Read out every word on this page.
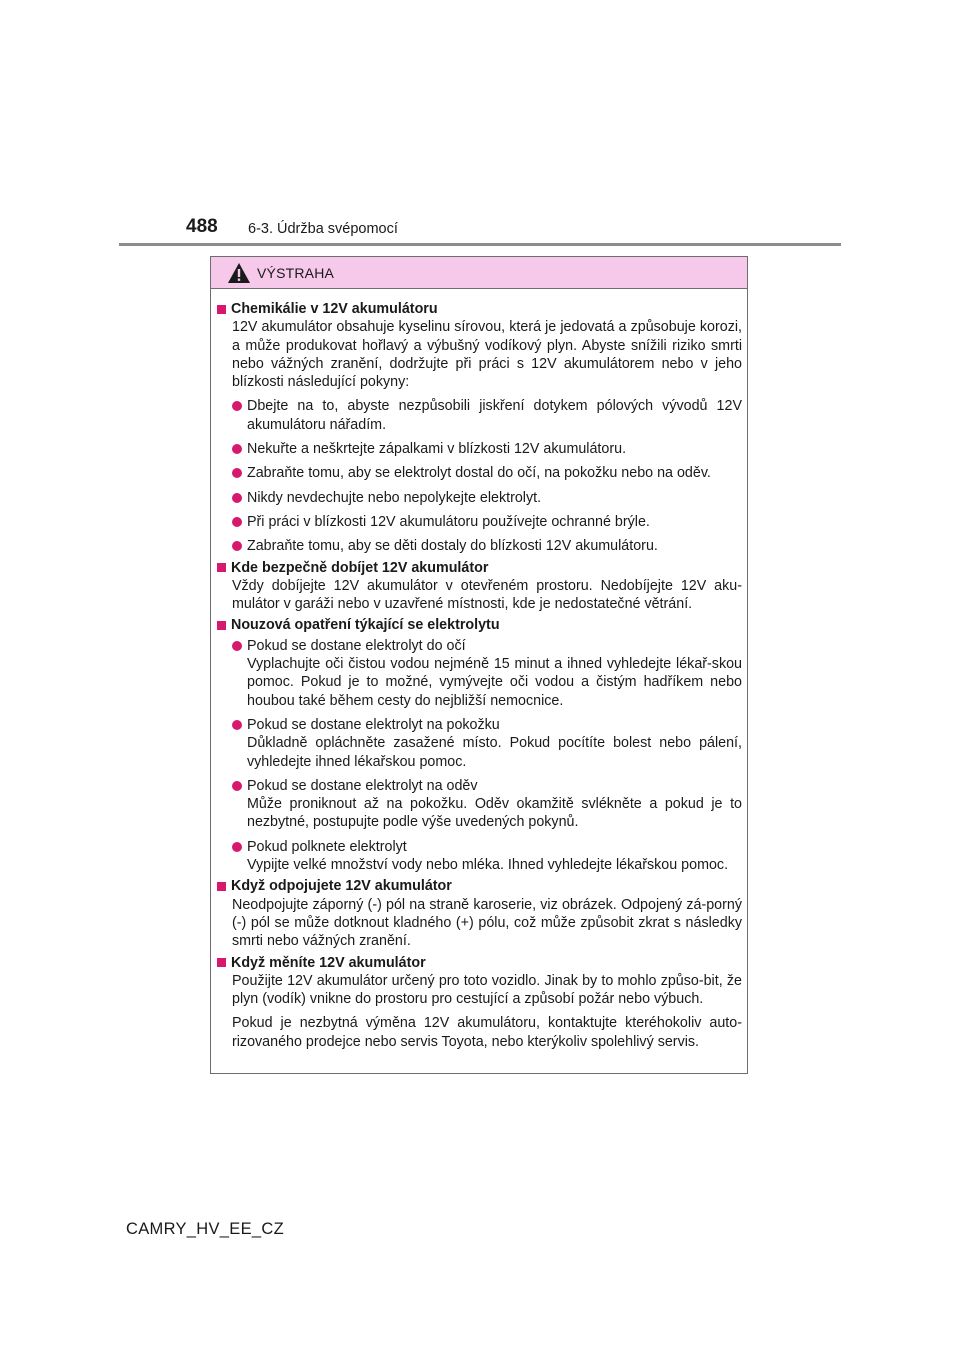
488 6-3. Údržba svépomocí
VÝSTRAHA
Chemikálie v 12V akumulátoru
12V akumulátor obsahuje kyselinu sírovou, která je jedovatá a způsobuje korozi, a může produkovat hořlavý a výbušný vodíkový plyn. Abyste snížili riziko smrti nebo vážných zranění, dodržujte při práci s 12V akumulátorem nebo v jeho blízkosti následující pokyny:
Dbejte na to, abyste nezpůsobili jiskření dotykem pólových vývodů 12V akumulátoru nářadím.
Nekuřte a neškrtejte zápalkami v blízkosti 12V akumulátoru.
Zabraňte tomu, aby se elektrolyt dostal do očí, na pokožku nebo na oděv.
Nikdy nevdechujte nebo nepolykejte elektrolyt.
Při práci v blízkosti 12V akumulátoru používejte ochranné brýle.
Zabraňte tomu, aby se děti dostaly do blízkosti 12V akumulátoru.
Kde bezpečně dobíjet 12V akumulátor
Vždy dobíjejte 12V akumulátor v otevřeném prostoru. Nedobíjejte 12V aku-mulátor v garáži nebo v uzavřené místnosti, kde je nedostatečné větrání.
Nouzová opatření týkající se elektrolytu
Pokud se dostane elektrolyt do očí
Vyplachujte oči čistou vodou nejméně 15 minut a ihned vyhledejte lékař-skou pomoc. Pokud je to možné, vymývejte oči vodou a čistým hadříkem nebo houbou také během cesty do nejbližší nemocnice.
Pokud se dostane elektrolyt na pokožku
Důkladně opláchněte zasažené místo. Pokud pocítíte bolest nebo pálení, vyhledejte ihned lékařskou pomoc.
Pokud se dostane elektrolyt na oděv
Může proniknout až na pokožku. Oděv okamžitě svlékněte a pokud je to nezbytné, postupujte podle výše uvedených pokynů.
Pokud polknete elektrolyt
Vypijte velké množství vody nebo mléka. Ihned vyhledejte lékařskou pomoc.
Když odpojujete 12V akumulátor
Neodpojujte záporný (-) pól na straně karoserie, viz obrázek. Odpojený zá-porný (-) pól se může dotknout kladného (+) pólu, což může způsobit zkrat s následky smrti nebo vážných zranění.
Když měníte 12V akumulátor
Použijte 12V akumulátor určený pro toto vozidlo. Jinak by to mohlo způso-bit, že plyn (vodík) vnikne do prostoru pro cestující a způsobí požár nebo výbuch.
Pokud je nezbytná výměna 12V akumulátoru, kontaktujte kteréhokoliv auto-rizovaného prodejce nebo servis Toyota, nebo kterýkoliv spolehlivý servis.
CAMRY_HV_EE_CZ
